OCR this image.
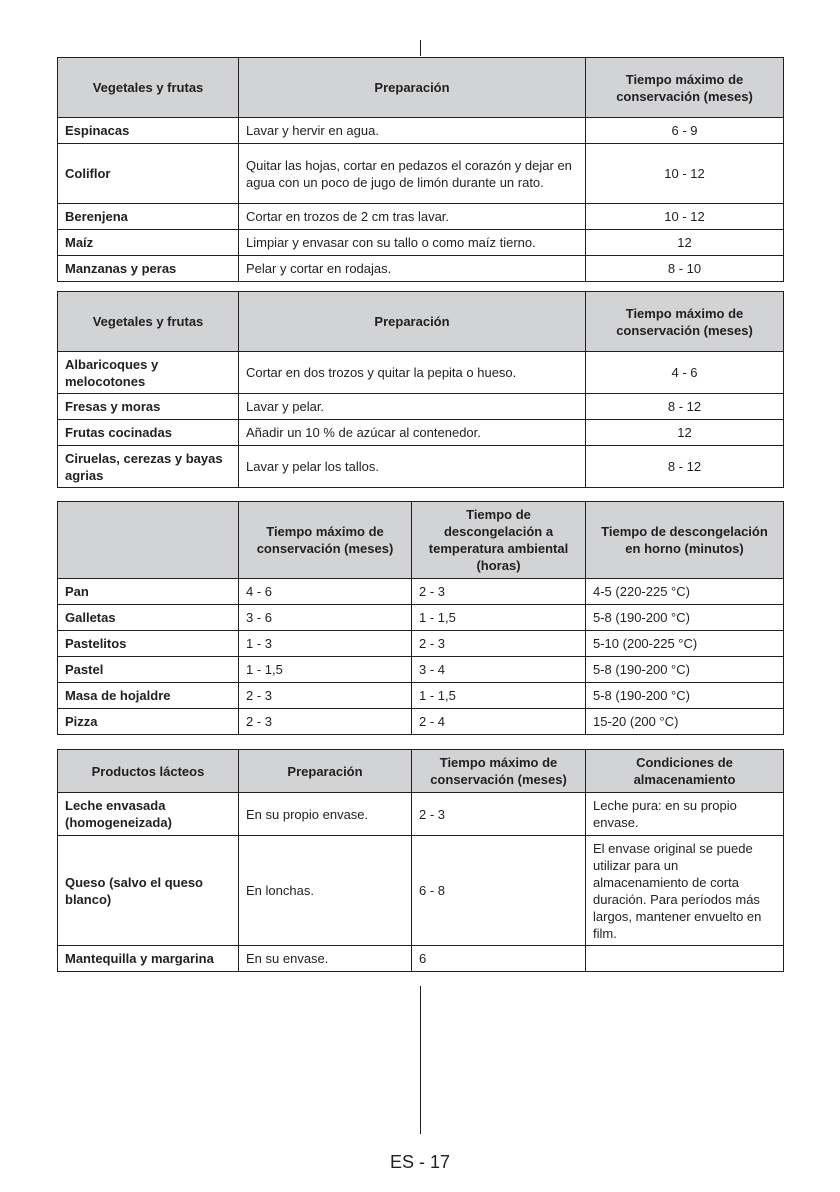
Vegetales y frutas	Preparación	Tiempo máximo de conservación (meses)
Espinacas	Lavar y hervir en agua.	6 - 9
Coliflor	Quitar las hojas, cortar en pedazos el corazón y dejar en agua con un poco de jugo de limón durante un rato.	10 - 12
Berenjena	Cortar en trozos de 2 cm tras lavar.	10 - 12
Maíz	Limpiar y envasar con su tallo o como maíz tierno.	12
Manzanas y peras	Pelar y cortar en rodajas.	8 - 10
Vegetales y frutas	Preparación	Tiempo máximo de conservación (meses)
Albaricoques y melocotones	Cortar en dos trozos y quitar la pepita o hueso.	4 - 6
Fresas y moras	Lavar y pelar.	8 - 12
Frutas cocinadas	Añadir un 10 % de azúcar al contenedor.	12
Ciruelas, cerezas y bayas agrias	Lavar y pelar los tallos.	8 - 12
	Tiempo máximo de conservación (meses)	Tiempo de descongelación a temperatura ambiental (horas)	Tiempo de descongelación en horno (minutos)
Pan	4 - 6	2 - 3	4-5 (220-225 °C)
Galletas	3 - 6	1 - 1,5	5-8 (190-200 °C)
Pastelitos	1 - 3	2 - 3	5-10 (200-225 °C)
Pastel	1 - 1,5	3 - 4	5-8 (190-200 °C)
Masa de hojaldre	2 - 3	1 - 1,5	5-8 (190-200 °C)
Pizza	2 - 3	2 - 4	15-20 (200 °C)
Productos lácteos	Preparación	Tiempo máximo de conservación (meses)	Condiciones de almacenamiento
Leche envasada (homogeneizada)	En su propio envase.	2 - 3	Leche pura: en su propio envase.
Queso (salvo el queso blanco)	En lonchas.	6 - 8	El envase original se puede utilizar para un almacenamiento de corta duración. Para períodos más largos, mantener envuelto en film.
Mantequilla y margarina	En su envase.	6	
ES - 17
